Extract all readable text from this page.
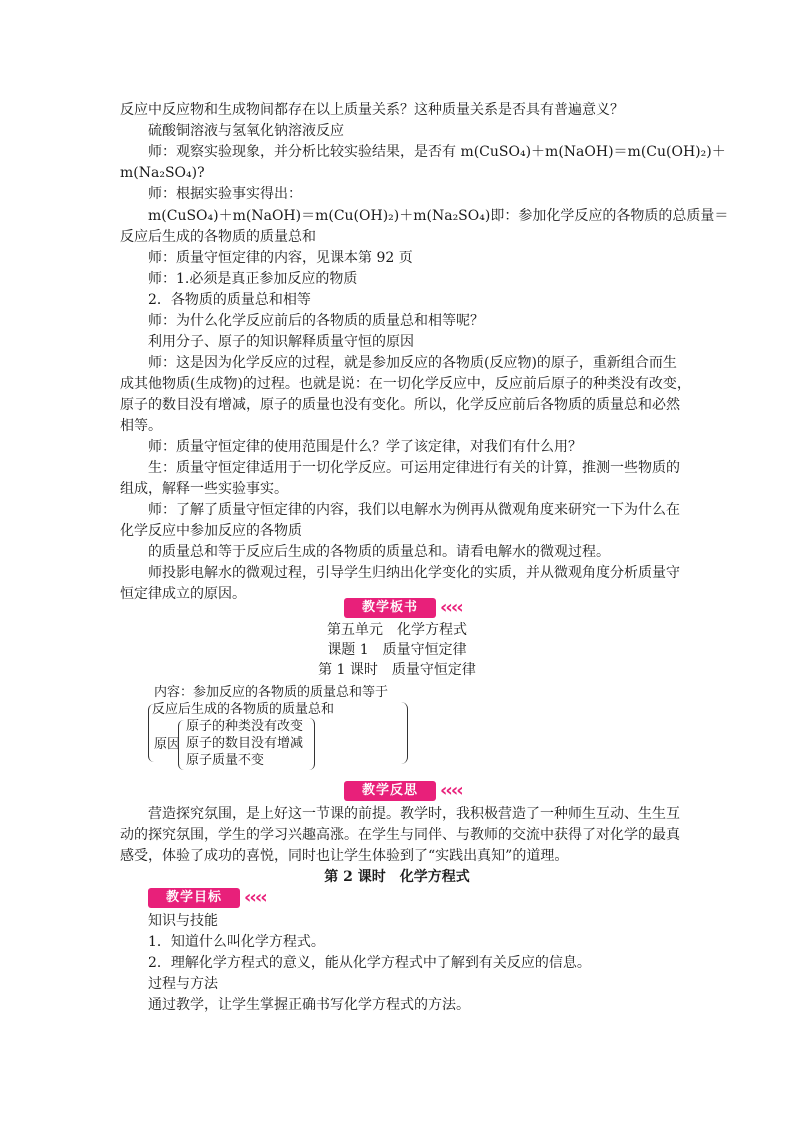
反应中反应物和生成物间都存在以上质量关系？这种质量关系是否具有普遍意义？
硫酸铜溶液与氢氧化钠溶液反应
师：观察实验现象，并分析比较实验结果，是否有 m(CuSO₄)＋m(NaOH)＝m(Cu(OH)₂)＋
m(Na₂SO₄)?
师：根据实验事实得出：
m(CuSO₄)＋m(NaOH)＝m(Cu(OH)₂)＋m(Na₂SO₄)即：参加化学反应的各物质的总质量＝
反应后生成的各物质的质量总和
师：质量守恒定律的内容，见课本第 92 页
师：1.必须是真正参加反应的物质
2．各物质的质量总和相等
师：为什么化学反应前后的各物质的质量总和相等呢？
利用分子、原子的知识解释质量守恒的原因
师：这是因为化学反应的过程，就是参加反应的各物质(反应物)的原子，重新组合而生
成其他物质(生成物)的过程。也就是说：在一切化学反应中，反应前后原子的种类没有改变，
原子的数目没有增减，原子的质量也没有变化。所以，化学反应前后各物质的质量总和必然
相等。
师：质量守恒定律的使用范围是什么？学了该定律，对我们有什么用？
生：质量守恒定律适用于一切化学反应。可运用定律进行有关的计算，推测一些物质的
组成，解释一些实验事实。
师：了解了质量守恒定律的内容，我们以电解水为例再从微观角度来研究一下为什么在
化学反应中参加反应的各物质
的质量总和等于反应后生成的各物质的质量总和。请看电解水的微观过程。
师投影电解水的微观过程，引导学生归纳出化学变化的实质，并从微观角度分析质量守
恒定律成立的原因。
教学板书	‹‹‹‹
第五单元　化学方程式
课题 1　质量守恒定律
第 1 课时　质量守恒定律
内容：参加反应的各物质的质量总和等于
反应后生成的各物质的质量总和
原因
原子的种类没有改变
原子的数目没有增减
原子质量不变
教学反思	‹‹‹‹
营造探究氛围，是上好这一节课的前提。教学时，我积极营造了一种师生互动、生生互
动的探究氛围，学生的学习兴趣高涨。在学生与同伴、与教师的交流中获得了对化学的最真
感受，体验了成功的喜悦，同时也让学生体验到了“实践出真知”的道理。
第 2 课时　化学方程式
教学目标	‹‹‹‹
知识与技能
1．知道什么叫化学方程式。
2．理解化学方程式的意义，能从化学方程式中了解到有关反应的信息。
过程与方法
通过教学，让学生掌握正确书写化学方程式的方法。
